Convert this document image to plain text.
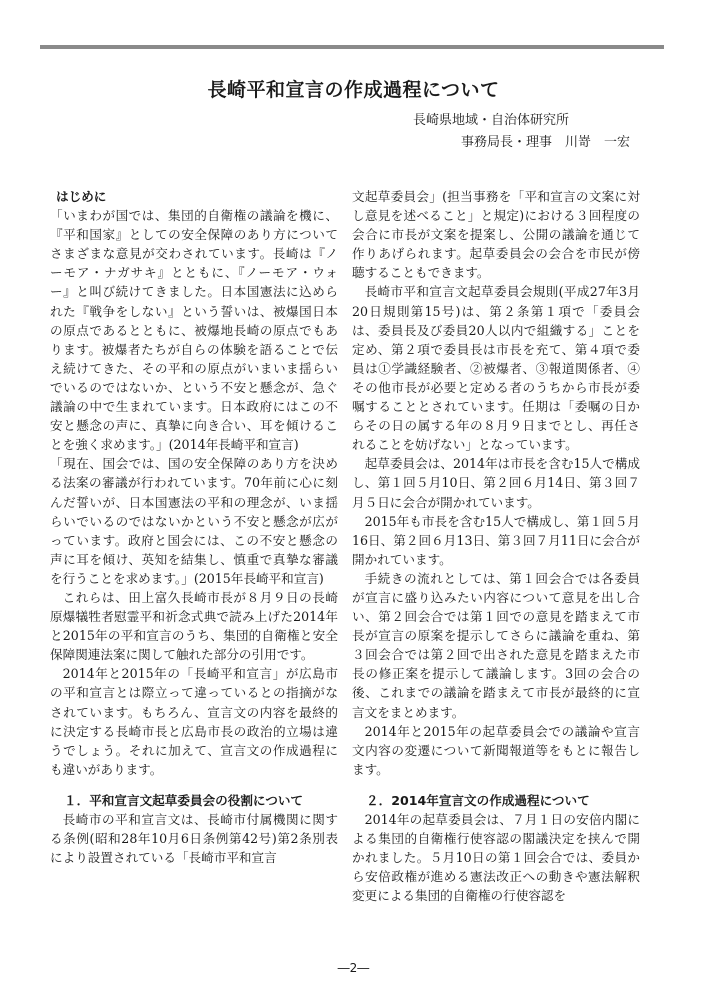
長崎平和宣言の作成過程について
長崎県地域・自治体研究所
事務局長・理事　川嵜　一宏
はじめに

「いまわが国では、集団的自衛権の議論を機に、『平和国家』としての安全保障のあり方についてさまざまな意見が交わされています。長崎は『ノーモア・ナガサキ』とともに、『ノーモア・ウォー』と叫び続けてきました。日本国憲法に込められた『戦争をしない』という誓いは、被爆国日本の原点であるとともに、被爆地長崎の原点でもあります。被爆者たちが自らの体験を語ることで伝え続けてきた、その平和の原点がいまいま揺らいでいるのではないか、という不安と懸念が、急ぐ議論の中で生まれています。日本政府にはこの不安と懸念の声に、真摯に向き合い、耳を傾けることを強く求めます。」(2014年長崎平和宣言)

「現在、国会では、国の安全保障のあり方を決める法案の審議が行われています。70年前に心に刻んだ誓いが、日本国憲法の平和の理念が、いま揺らいでいるのではないかという不安と懸念が広がっています。政府と国会には、この不安と懸念の声に耳を傾け、英知を結集し、慎重で真摯な審議を行うことを求めます。」(2015年長崎平和宣言)

これらは、田上富久長崎市長が８月９日の長崎原爆犠牲者慰霊平和祈念式典で読み上げた2014年と2015年の平和宣言のうち、集団的自衛権と安全保障関連法案に関して触れた部分の引用です。

2014年と2015年の「長崎平和宣言」が広島市の平和宣言とは際立って違っているとの指摘がなされています。もちろん、宣言文の内容を最終的に決定する長崎市長と広島市長の政治的立場は違うでしょう。それに加えて、宣言文の作成過程にも違いがあります。

１．平和宣言文起草委員会の役割について

長崎市の平和宣言文は、長崎市付属機関に関する条例(昭和28年10月6日条例第42号)第2条別表により設置されている「長崎市平和宣言

文起草委員会」(担当事務を「平和宣言の文案に対し意見を述べること」と規定)における３回程度の会合に市長が文案を提案し、公開の議論を通じて作りあげられます。起草委員会の会合を市民が傍聴することもできます。

長崎市平和宣言文起草委員会規則(平成27年3月20日規則第15号)は、第２条第１項で「委員会は、委員長及び委員20人以内で組織する」ことを定め、第２項で委員長は市長を充て、第４項で委員は①学識経験者、②被爆者、③報道関係者、④その他市長が必要と定める者のうちから市長が委嘱することとされています。任期は「委嘱の日からその日の属する年の８月９日までとし、再任されることを妨げない」となっています。

起草委員会は、2014年は市長を含む15人で構成し、第１回５月10日、第２回６月14日、第３回７月５日に会合が開かれています。

2015年も市長を含む15人で構成し、第１回５月16日、第２回６月13日、第３回７月11日に会合が開かれています。

手続きの流れとしては、第１回会合では各委員が宣言に盛り込みたい内容について意見を出し合い、第２回会合では第１回での意見を踏まえて市長が宣言の原案を提示してさらに議論を重ね、第３回会合では第２回で出された意見を踏まえた市長の修正案を提示して議論します。3回の会合の後、これまでの議論を踏まえて市長が最終的に宣言文をまとめます。

2014年と2015年の起草委員会での議論や宣言文内容の変遷について新聞報道等をもとに報告します。

２．2014年宣言文の作成過程について

2014年の起草委員会は、７月１日の安倍内閣による集団的自衛権行使容認の閣議決定を挟んで開かれました。５月10日の第１回会合では、委員から安倍政権が進める憲法改正への動きや憲法解釈変更による集団的自衛権の行使容認を

―2―
